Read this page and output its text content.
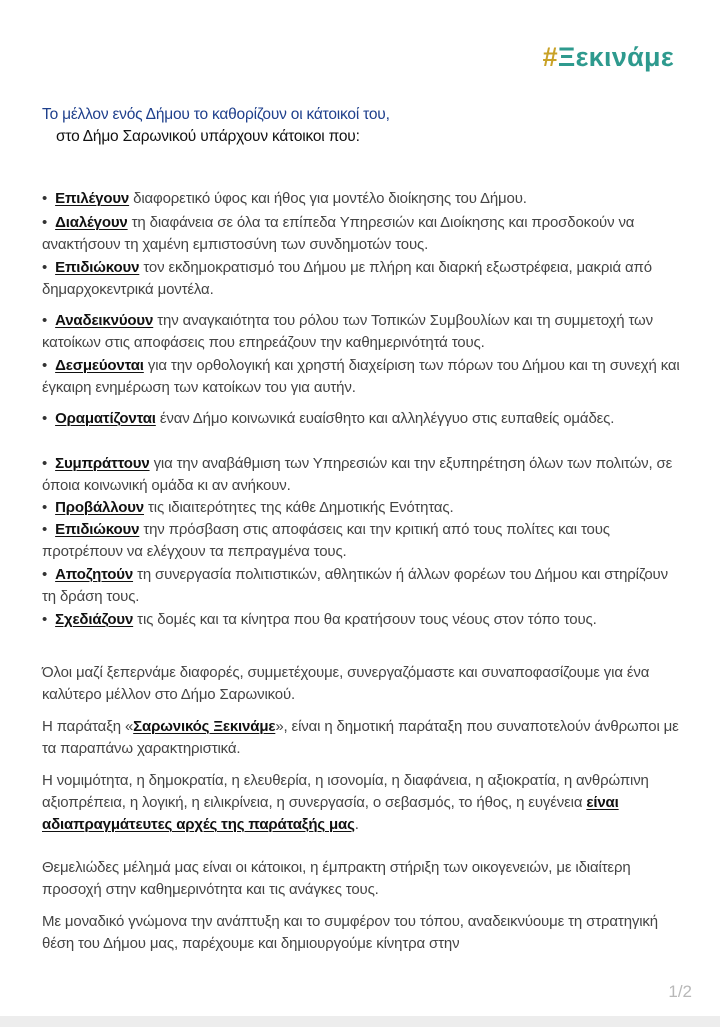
#Ξεκινάμε
Το μέλλον ενός Δήμου το καθορίζουν οι κάτοικοί του,
στο Δήμο Σαρωνικού υπάρχουν κάτοικοι που:
• Επιλέγουν διαφορετικό ύφος και ήθος για μοντέλο διοίκησης του Δήμου.
• Διαλέγουν τη διαφάνεια σε όλα τα επίπεδα Υπηρεσιών και Διοίκησης και προσδοκούν να ανακτήσουν τη χαμένη εμπιστοσύνη των συνδημοτών τους.
• Επιδιώκουν τον εκδημοκρατισμό του Δήμου με πλήρη και διαρκή εξωστρέφεια, μακριά από δημαρχοκεντρικά μοντέλα.
• Αναδεικνύουν την αναγκαιότητα του ρόλου των Τοπικών Συμβουλίων και τη συμμετοχή των κατοίκων στις αποφάσεις που επηρεάζουν την καθημερινότητά τους.
• Δεσμεύονται για την ορθολογική και χρηστή διαχείριση των πόρων του Δήμου και τη συνεχή και έγκαιρη ενημέρωση των κατοίκων του για αυτήν.
• Οραματίζονται έναν Δήμο κοινωνικά ευαίσθητο και αλληλέγγυο στις ευπαθείς ομάδες.
• Συμπράττουν για την αναβάθμιση των Υπηρεσιών και την εξυπηρέτηση όλων των πολιτών, σε όποια κοινωνική ομάδα κι αν ανήκουν.
• Προβάλλουν τις ιδιαιτερότητες της κάθε Δημοτικής Ενότητας.
• Επιδιώκουν την πρόσβαση στις αποφάσεις και την κριτική από τους πολίτες και τους προτρέπουν να ελέγχουν τα πεπραγμένα τους.
• Αποζητούν τη συνεργασία πολιτιστικών, αθλητικών ή άλλων φορέων του Δήμου και στηρίζουν τη δράση τους.
• Σχεδιάζουν τις δομές και τα κίνητρα που θα κρατήσουν τους νέους στον τόπο τους.
Όλοι μαζί ξεπερνάμε διαφορές, συμμετέχουμε, συνεργαζόμαστε και συναποφασίζουμε για ένα καλύτερο μέλλον στο Δήμο Σαρωνικού.
Η παράταξη «Σαρωνικός Ξεκινάμε», είναι η δημοτική παράταξη που συναποτελούν άνθρωποι με τα παραπάνω χαρακτηριστικά.
Η νομιμότητα, η δημοκρατία, η ελευθερία, η ισονομία, η διαφάνεια, η αξιοκρατία, η ανθρώπινη αξιοπρέπεια, η λογική, η ειλικρίνεια, η συνεργασία, ο σεβασμός, το ήθος, η ευγένεια είναι αδιαπραγμάτευτες αρχές της παράταξής μας.
Θεμελιώδες μέλημά μας είναι οι κάτοικοι, η έμπρακτη στήριξη των οικογενειών, με ιδιαίτερη προσοχή στην καθημερινότητα και τις ανάγκες τους.
Με μοναδικό γνώμονα την ανάπτυξη και το συμφέρον του τόπου, αναδεικνύουμε τη στρατηγική θέση του Δήμου μας, παρέχουμε και δημιουργούμε κίνητρα στην
1/2
